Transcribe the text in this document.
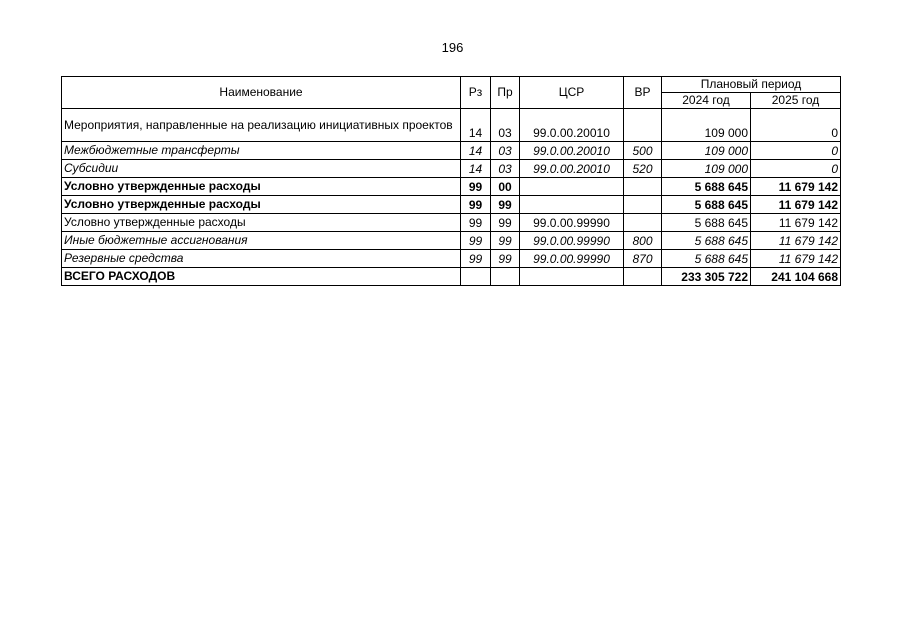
196
Наименование	Рз	Пр	ЦСР	ВР	Плановый период	
					2024 год	2025 год
Мероприятия, направленные на реализацию инициативных проектов	14	03	99.0.00.20010		109 000	0
Межбюджетные трансферты	14	03	99.0.00.20010	500	109 000	0
Субсидии	14	03	99.0.00.20010	520	109 000	0
Условно утвержденные расходы	99	00			5 688 645	11 679 142
Условно утвержденные расходы	99	99			5 688 645	11 679 142
Условно утвержденные расходы	99	99	99.0.00.99990		5 688 645	11 679 142
Иные бюджетные ассигнования	99	99	99.0.00.99990	800	5 688 645	11 679 142
Резервные средства	99	99	99.0.00.99990	870	5 688 645	11 679 142
ВСЕГО РАСХОДОВ					233 305 722	241 104 668
